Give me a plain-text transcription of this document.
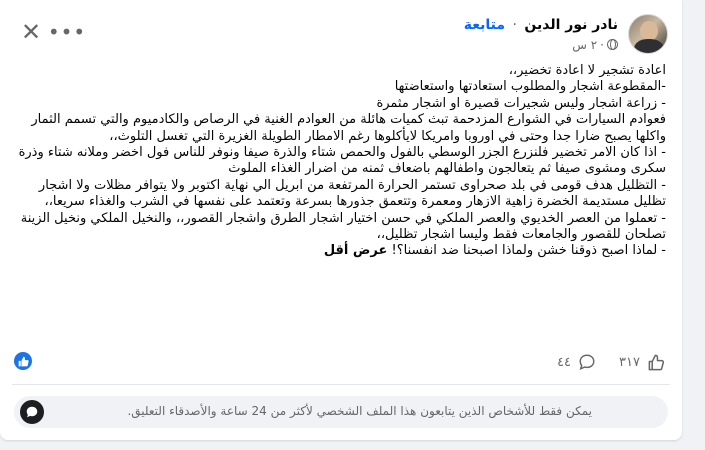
نادر نور الدين · متابعة
٢ س ·
•••
✕

اعادة تشجير لا اعادة تخضير،،

-المقطوعة اشجار والمطلوب استعادتها واستعاضتها

- زراعة اشجار وليس شجيرات قصيرة او اشجار مثمرة

فعوادم السيارات في الشوارع المزدحمة تبث كميات هائلة من العوادم الغنية في الرصاص والكادميوم والتي تسمم الثمار واكلها يصبح ضارا جدا وحتى في اوروبا وامريكا لايأكلوها رغم الامطار الطويلة الغزيرة التي تغسل التلوث،،

- اذا كان الامر تخضير فلنزرع الجزر الوسطي بالفول والحمص شتاء والذرة صيفا ونوفر للناس فول اخضر وملانه شتاء وذرة سكرى ومشوى صيفا ثم يتعالجون واطفالهم باضعاف ثمنه من اضرار الغذاء الملوث

- التظليل هدف قومى في بلد صحراوى تستمر الحرارة المرتفعة من ابريل الي نهاية اكتوبر ولا يتوافر مظلات ولا اشجار تظليل مستديمة الخضرة زاهية الازهار ومعمرة وتتعمق جذورها بسرعة وتعتمد على نفسها في الشرب والغذاء سريعا،،

- تعملوا من العصر الخديوي والعصر الملكي في حسن اختيار اشجار الطرق واشجار القصور،، والنخيل الملكي ونخيل الزينة تصلحان للقصور والجامعات فقط وليسا اشجار تظليل،،

- لماذا اصبح ذوقنا خشن ولماذا اصبحنا ضد انفسنا؟! عرض أقل

٤٤	٣١٧
يمكن فقط للأشخاص الذين يتابعون هذا الملف الشخصي لأكثر من 24 ساعة والأصدقاء التعليق.
